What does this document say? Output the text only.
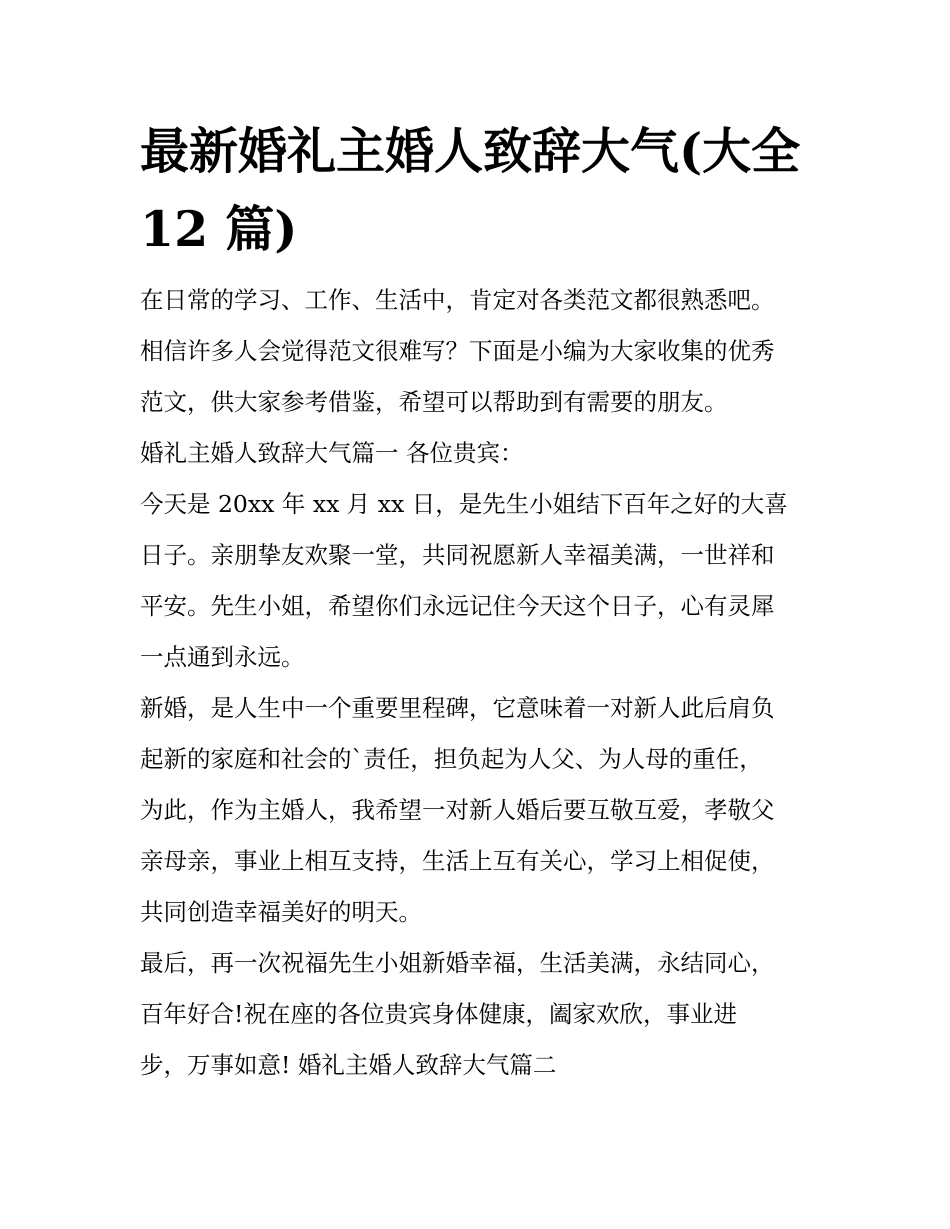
最新婚礼主婚人致辞大气(大全
12 篇)

在日常的学习、工作、生活中，肯定对各类范文都很熟悉吧。

相信许多人会觉得范文很难写？下面是小编为大家收集的优秀

范文，供大家参考借鉴，希望可以帮助到有需要的朋友。

婚礼主婚人致辞大气篇一 各位贵宾：

今天是 20xx 年 xx 月 xx 日，是先生小姐结下百年之好的大喜

日子。亲朋挚友欢聚一堂，共同祝愿新人幸福美满，一世祥和

平安。先生小姐，希望你们永远记住今天这个日子，心有灵犀

一点通到永远。

新婚，是人生中一个重要里程碑，它意味着一对新人此后肩负

起新的家庭和社会的`责任，担负起为人父、为人母的重任，

为此，作为主婚人，我希望一对新人婚后要互敬互爱，孝敬父

亲母亲，事业上相互支持，生活上互有关心，学习上相促使，

共同创造幸福美好的明天。

最后，再一次祝福先生小姐新婚幸福，生活美满，永结同心，

百年好合!祝在座的各位贵宾身体健康，阖家欢欣，事业进

步，万事如意! 婚礼主婚人致辞大气篇二
